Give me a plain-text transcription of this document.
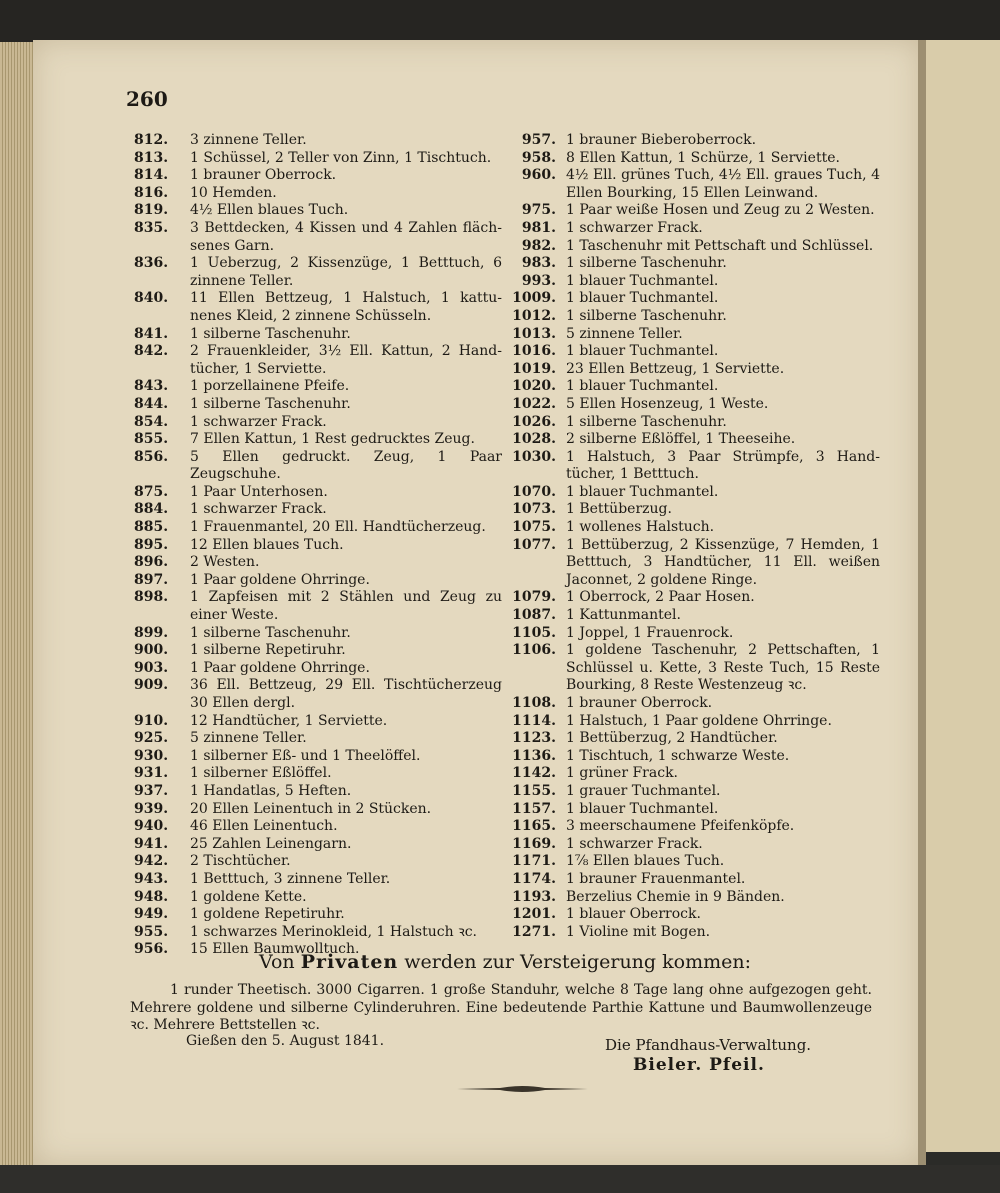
260
812.	3 zinnene Teller.
813.	1 Schüssel, 2 Teller von Zinn, 1 Tischtuch.
814.	1 brauner Oberrock.
816.	10 Hemden.
819.	4½ Ellen blaues Tuch.
835.	3 Bettdecken, 4 Kissen und 4 Zahlen fläch- senes Garn.
836.	1 Ueberzug, 2 Kissenzüge, 1 Betttuch, 6 zinnene Teller.
840.	11 Ellen Bettzeug, 1 Halstuch, 1 kattu- nenes Kleid, 2 zinnene Schüsseln.
841.	1 silberne Taschenuhr.
842.	2 Frauenkleider, 3½ Ell. Kattun, 2 Hand- tücher, 1 Serviette.
843.	1 porzellainene Pfeife.
844.	1 silberne Taschenuhr.
854.	1 schwarzer Frack.
855.	7 Ellen Kattun, 1 Rest gedrucktes Zeug.
856.	5 Ellen gedruckt. Zeug, 1 Paar Zeugschuhe.
875.	1 Paar Unterhosen.
884.	1 schwarzer Frack.
885.	1 Frauenmantel, 20 Ell. Handtücherzeug.
895.	12 Ellen blaues Tuch.
896.	2 Westen.
897.	1 Paar goldene Ohrringe.
898.	1 Zapfeisen mit 2 Stählen und Zeug zu einer Weste.
899.	1 silberne Taschenuhr.
900.	1 silberne Repetiruhr.
903.	1 Paar goldene Ohrringe.
909.	36 Ell. Bettzeug, 29 Ell. Tischtücherzeug 30 Ellen dergl.
910.	12 Handtücher, 1 Serviette.
925.	5 zinnene Teller.
930.	1 silberner Eß- und 1 Theelöffel.
931.	1 silberner Eßlöffel.
937.	1 Handatlas, 5 Heften.
939.	20 Ellen Leinentuch in 2 Stücken.
940.	46 Ellen Leinentuch.
941.	25 Zahlen Leinengarn.
942.	2 Tischtücher.
943.	1 Betttuch, 3 zinnene Teller.
948.	1 goldene Kette.
949.	1 goldene Repetiruhr.
955.	1 schwarzes Merinokleid, 1 Halstuch ꝛc.
956.	15 Ellen Baumwolltuch.
957. 1 brauner Bieberoberrock.
958. 8 Ellen Kattun, 1 Schürze, 1 Serviette.
960. 4½ Ell. grünes Tuch, 4½ Ell. graues Tuch, 4 Ellen Bourking, 15 Ellen Leinwand.
975. 1 Paar weiße Hosen und Zeug zu 2 Westen.
981. 1 schwarzer Frack.
982. 1 Taschenuhr mit Pettschaft und Schlüssel.
983. 1 silberne Taschenuhr.
993. 1 blauer Tuchmantel.
1009. 1 blauer Tuchmantel.
1012. 1 silberne Taschenuhr.
1013. 5 zinnene Teller.
1016. 1 blauer Tuchmantel.
1019. 23 Ellen Bettzeug, 1 Serviette.
1020. 1 blauer Tuchmantel.
1022. 5 Ellen Hosenzeug, 1 Weste.
1026. 1 silberne Taschenuhr.
1028. 2 silberne Eßlöffel, 1 Theeseihe.
1030. 1 Halstuch, 3 Paar Strümpfe, 3 Hand- tücher, 1 Betttuch.
1070. 1 blauer Tuchmantel.
1073. 1 Bettüberzug.
1075. 1 wollenes Halstuch.
1077. 1 Bettüberzug, 2 Kissenzüge, 7 Hemden, 1 Betttuch, 3 Handtücher, 11 Ell. weißen Jaconnet, 2 goldene Ringe.
1079. 1 Oberrock, 2 Paar Hosen.
1087. 1 Kattunmantel.
1105. 1 Joppel, 1 Frauenrock.
1106. 1 goldene Taschenuhr, 2 Pettschaften, 1 Schlüssel u. Kette, 3 Reste Tuch, 15 Reste Bourking, 8 Reste Westenzeug ꝛc.
1108. 1 brauner Oberrock.
1114. 1 Halstuch, 1 Paar goldene Ohrringe.
1123. 1 Bettüberzug, 2 Handtücher.
1136. 1 Tischtuch, 1 schwarze Weste.
1142. 1 grüner Frack.
1155. 1 grauer Tuchmantel.
1157. 1 blauer Tuchmantel.
1165. 3 meerschaumene Pfeifenköpfe.
1169. 1 schwarzer Frack.
1171. 1⅞ Ellen blaues Tuch.
1174. 1 brauner Frauenmantel.
1193. Berzelius Chemie in 9 Bänden.
1201. 1 blauer Oberrock.
1271. 1 Violine mit Bogen.
Von Privaten werden zur Versteigerung kommen:

1 runder Theetisch. 3000 Cigarren. 1 große Standuhr, welche 8 Tage lang ohne aufgezogen geht. Mehrere goldene und silberne Cylinderuhren. Eine bedeutende Parthie Kattune und Baumwollenzeuge ꝛc. Mehrere Bettstellen ꝛc.

Gießen den 5. August 1841.	Die Pfandhaus-Verwaltung.
Bieler. Pfeil.
